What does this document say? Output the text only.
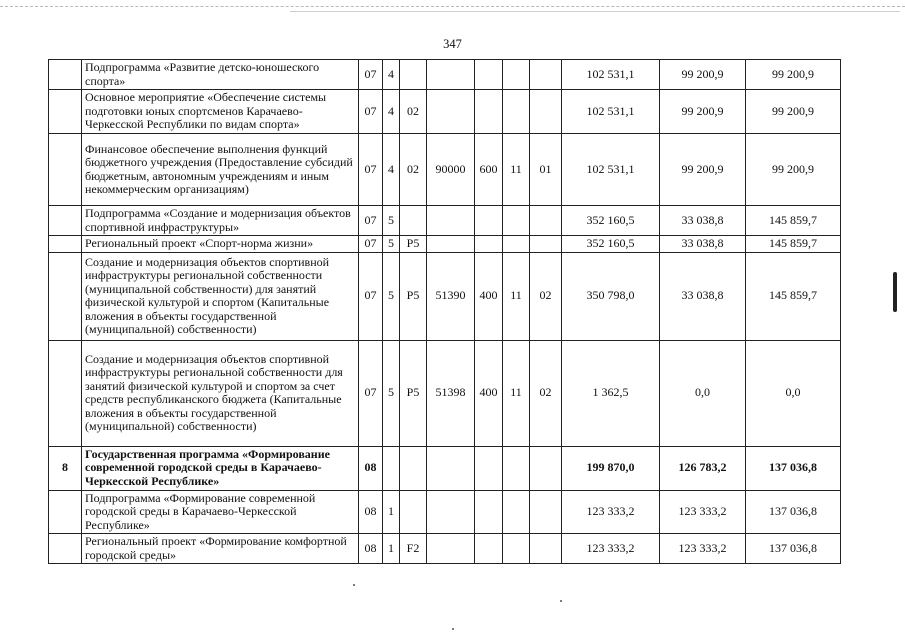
347
	Подпрограмма «Развитие детско-юношеского спорта»	07	4						102 531,1	99 200,9	99 200,9
	Основное мероприятие «Обеспечение системы подготовки юных спортсменов Карачаево-Черкесской Республики по видам спорта»	07	4	02					102 531,1	99 200,9	99 200,9
	Финансовое обеспечение выполнения функций бюджетного учреждения (Предоставление субсидий бюджетным, автономным учреждениям и иным некоммерческим организациям)	07	4	02	90000	600	11	01	102 531,1	99 200,9	99 200,9
	Подпрограмма «Создание и модернизация объектов спортивной инфраструктуры»	07	5						352 160,5	33 038,8	145 859,7
	Региональный проект «Спорт-норма жизни»	07	5	P5					352 160,5	33 038,8	145 859,7
	Создание и модернизация объектов спортивной инфраструктуры региональной собственности (муниципальной собственности) для занятий физической культурой и спортом (Капитальные вложения в объекты государственной (муниципальной) собственности)	07	5	P5	51390	400	11	02	350 798,0	33 038,8	145 859,7
	Создание и модернизация объектов спортивной инфраструктуры региональной собственности для занятий физической культурой и спортом за счет средств республиканского бюджета (Капитальные вложения в объекты государственной (муниципальной) собственности)	07	5	P5	51398	400	11	02	1 362,5	0,0	0,0
8	Государственная программа «Формирование современной городской среды в Карачаево-Черкесской Республике»	08							199 870,0	126 783,2	137 036,8
	Подпрограмма «Формирование современной городской среды в Карачаево-Черкесской Республике»	08	1						123 333,2	123 333,2	137 036,8
	Региональный проект «Формирование комфортной городской среды»	08	1	F2					123 333,2	123 333,2	137 036,8
